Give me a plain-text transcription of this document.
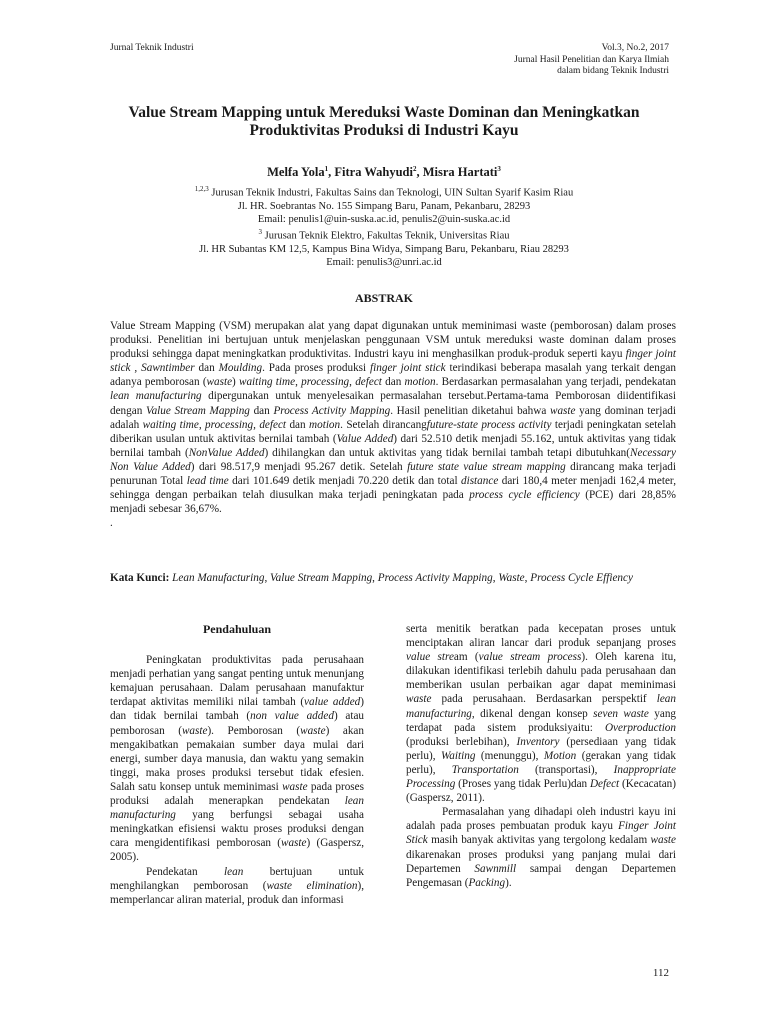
Jurnal Teknik Industri	Vol.3, No.2, 2017
Jurnal Hasil Penelitian dan Karya Ilmiah
dalam bidang Teknik Industri
Value Stream Mapping untuk Mereduksi Waste Dominan dan Meningkatkan
Produktivitas Produksi di Industri Kayu
Melfa Yola$^1$, Fitra Wahyudi$^2$, Misra Hartati$^3$
$^{1,2,3}$ Jurusan Teknik Industri, Fakultas Sains dan Teknologi, UIN Sultan Syarif Kasim Riau
Jl. HR. Soebrantas No. 155 Simpang Baru, Panam, Pekanbaru, 28293
Email: penulis1@uin-suska.ac.id, penulis2@uin-suska.ac.id
$^3$ Jurusan Teknik Elektro, Fakultas Teknik, Universitas Riau
Jl. HR Subantas KM 12,5, Kampus Bina Widya, Simpang Baru, Pekanbaru, Riau 28293
Email: penulis3@unri.ac.id
ABSTRAK

Value Stream Mapping (VSM) merupakan alat yang dapat digunakan untuk meminimasi waste (pemborosan) dalam proses produksi. Penelitian ini bertujuan untuk menjelaskan penggunaan VSM untuk mereduksi waste dominan dalam proses produksi sehingga dapat meningkatkan produktivitas. Industri kayu ini menghasilkan produk-produk seperti kayu finger joint stick , Sawntimber dan Moulding. Pada proses produksi finger joint stick terindikasi beberapa masalah yang terkait dengan adanya pemborosan (waste) waiting time, processing, defect dan motion. Berdasarkan permasalahan yang terjadi, pendekatan lean manufacturing dipergunakan untuk menyelesaikan permasalahan tersebut.Pertama-tama Pemborosan diidentifikasi dengan Value Stream Mapping dan Process Activity Mapping. Hasil penelitian diketahui bahwa waste yang dominan terjadi adalah waiting time, processing, defect dan motion. Setelah dirancangfuture-state process activity terjadi peningkatan setelah diberikan usulan untuk aktivitas bernilai tambah (Value Added) dari 52.510 detik menjadi 55.162, untuk aktivitas yang tidak bernilai tambah (NonValue Added) dihilangkan dan untuk aktivitas yang tidak bernilai tambah tetapi dibutuhkan(Necessary Non Value Added) dari 98.517,9 menjadi 95.267 detik. Setelah future state value stream mapping dirancang maka terjadi penurunan Total lead time dari 101.649 detik menjadi 70.220 detik dan total distance dari 180,4 meter menjadi 162,4 meter, sehingga dengan perbaikan telah diusulkan maka terjadi peningkatan pada process cycle efficiency (PCE) dari 28,85% menjadi sebesar 36,67%.

.

Kata Kunci: Lean Manufacturing, Value Stream Mapping, Process Activity Mapping, Waste, Process Cycle Effiency

Pendahuluan

Peningkatan produktivitas pada perusahaan menjadi perhatian yang sangat penting untuk menunjang kemajuan perusahaan. Dalam perusahaan manufaktur terdapat aktivitas memiliki nilai tambah (value added) dan tidak bernilai tambah (non value added) atau pemborosan (waste). Pemborosan (waste) akan mengakibatkan pemakaian sumber daya mulai dari energi, sumber daya manusia, dan waktu yang semakin tinggi, maka proses produksi tersebut tidak efesien. Salah satu konsep untuk meminimasi waste pada proses produksi adalah menerapkan pendekatan lean manufacturing yang berfungsi sebagai usaha meningkatkan efisiensi waktu proses produksi dengan cara mengidentifikasi pemborosan (waste) (Gaspersz, 2005).

Pendekatan lean bertujuan untuk menghilangkan pemborosan (waste elimination), memperlancar aliran material, produk dan informasi

serta menitik beratkan pada kecepatan proses untuk menciptakan aliran lancar dari produk sepanjang proses value stream (value stream process). Oleh karena itu, dilakukan identifikasi terlebih dahulu pada perusahaan dan memberikan usulan perbaikan agar dapat meminimasi waste pada perusahaan. Berdasarkan perspektif lean manufacturing, dikenal dengan konsep seven waste yang terdapat pada sistem produksiyaitu: Overproduction (produksi berlebihan), Inventory (persediaan yang tidak perlu), Waiting (menunggu), Motion (gerakan yang tidak perlu), Transportation (transportasi), Inappropriate Processing (Proses yang tidak Perlu)dan Defect (Kecacatan) (Gaspersz, 2011).

Permasalahan yang dihadapi oleh industri kayu ini adalah pada proses pembuatan produk kayu Finger Joint Stick masih banyak aktivitas yang tergolong kedalam waste dikarenakan proses produksi yang panjang mulai dari Departemen Sawnmill sampai dengan Departemen Pengemasan (Packing).

112
